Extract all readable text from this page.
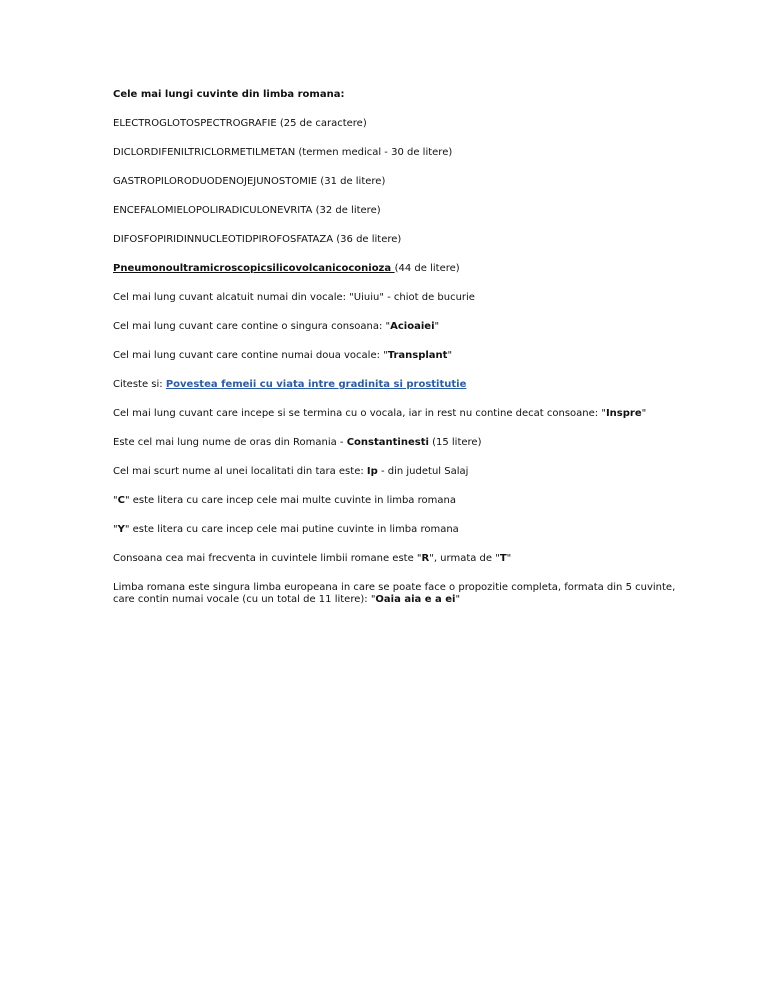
Cele mai lungi cuvinte din limba romana:
ELECTROGLOTOSPECTROGRAFIE (25 de caractere)
DICLORDIFENILTRICLORMETILMETAN (termen medical - 30 de litere)
GASTROPILORODUODENOJEJUNOSTOMIE (31 de litere)
ENCEFALOMIELOPOLIRADICULONEVRITA (32 de litere)
DIFOSFOPIRIDINNUCLEOTIDPIROFOSFATAZA (36 de litere)
Pneumonoultramicroscopicsilicovolcanicoconioza (44 de litere)
Cel mai lung cuvant alcatuit numai din vocale: "Uiuiu" - chiot de bucurie
Cel mai lung cuvant care contine o singura consoana: "Acioaiei"
Cel mai lung cuvant care contine numai doua vocale: "Transplant"
Citeste si: Povestea femeii cu viata intre gradinita si prostitutie
Cel mai lung cuvant care incepe si se termina cu o vocala, iar in rest nu contine decat consoane: "Inspre"
Este cel mai lung nume de oras din Romania - Constantinesti (15 litere)
Cel mai scurt nume al unei localitati din tara este: Ip - din judetul Salaj
"C" este litera cu care incep cele mai multe cuvinte in limba romana
"Y" este litera cu care incep cele mai putine cuvinte in limba romana
Consoana cea mai frecventa in cuvintele limbii romane este "R", urmata de "T"
Limba romana este singura limba europeana in care se poate face o propozitie completa, formata din 5 cuvinte,
care contin numai vocale (cu un total de 11 litere): "Oaia aia e a ei"
